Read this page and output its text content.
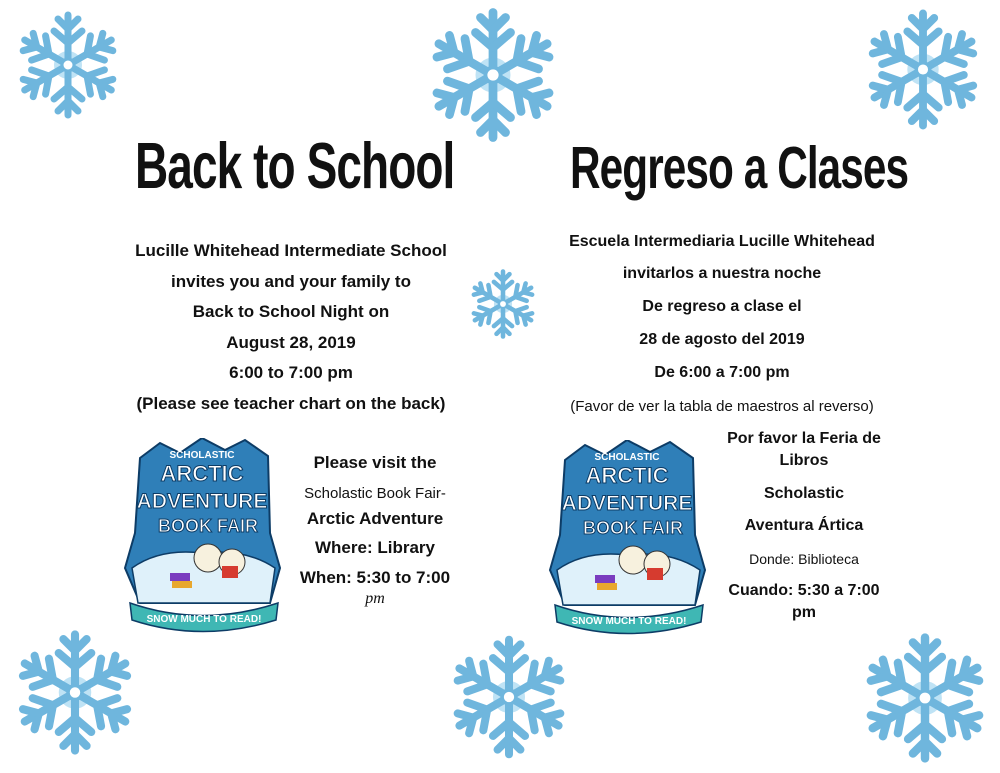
Back to School	Regreso a Clases
Lucille Whitehead Intermediate School
invites you and your family to
Back to School Night on
August 28, 2019
6:00 to 7:00 pm
(Please see teacher chart on the back)
Please visit the
Scholastic Book Fair-
Arctic Adventure
Where: Library
When: 5:30 to 7:00
pm
Escuela Intermediaria Lucille Whitehead
invitarlos a nuestra noche
De regreso a clase el
28 de agosto del 2019
De 6:00 a 7:00 pm
(Favor de ver la tabla de maestros al reverso)
Por favor la Feria de
Libros
Scholastic
Aventura Ártica
Donde: Biblioteca
Cuando: 5:30 a 7:00
pm
SCHOLASTIC
ARCTIC
ADVENTURE
BOOK FAIR
SNOW MUCH TO READ!
SCHOLASTIC
ARCTIC
ADVENTURE
BOOK FAIR
SNOW MUCH TO READ!
